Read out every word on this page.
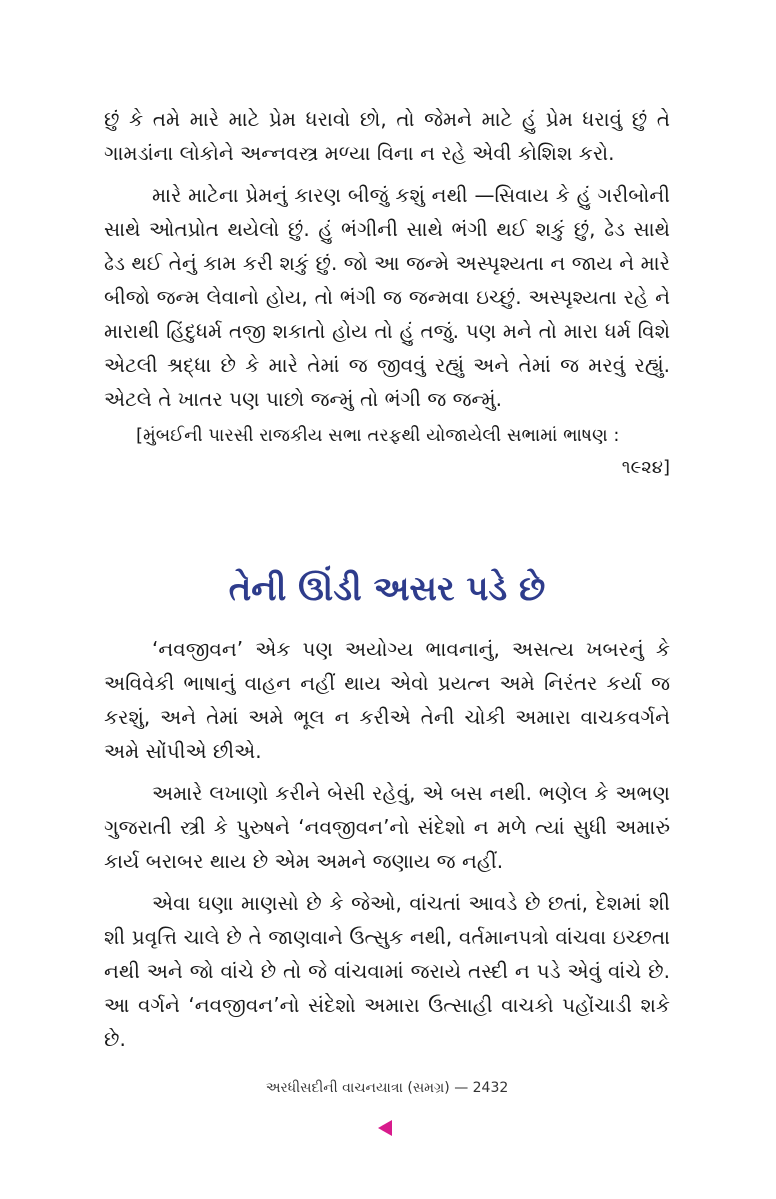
છું કે તમે મારે માટે પ્રેમ ધરાવો છો, તો જેમને માટે હું પ્રેમ ધરાવું છું તે ગામડાંના લોકોને અન્નવસ્ત્ર મળ્યા વિના ન રહે એવી કોશિશ કરો.

મારે માટેના પ્રેમનું કારણ બીજું કશું નથી —સિવાય કે હું ગરીબોની સાથે ઓતપ્રોત થયેલો છું. હું ભંગીની સાથે ભંગી થઈ શકું છું, ઢેડ સાથે ઢેડ થઈ તેનું કામ કરી શકું છું. જો આ જન્મે અસ્પૃશ્યતા ન જાય ને મારે બીજો જન્મ લેવાનો હોય, તો ભંગી જ જન્મવા ઇચ્છું. અસ્પૃશ્યતા રહે ને મારાથી હિંદુધર્મ તજી શકાતો હોય તો હું તજું. પણ મને તો મારા ધર્મ વિશે એટલી શ્રદ્ધા છે કે મારે તેમાં જ જીવવું રહ્યું અને તેમાં જ મરવું રહ્યું. એટલે તે ખાતર પણ પાછો જન્મું તો ભંગી જ જન્મું.

[મુંબઈની પારસી રાજકીય સભા તરફથી યોજાયેલી સભામાં ભાષણ :
૧૯૨૪]

તેની ઊંડી અસર પડે છે

‘નવજીવન’ એક પણ અયોગ્ય ભાવનાનું, અસત્ય ખબરનું કે અવિવેકી ભાષાનું વાહન નહીં થાય એવો પ્રયત્ન અમે નિરંતર કર્યા જ કરશું, અને તેમાં અમે ભૂલ ન કરીએ તેની ચોકી અમારા વાચકવર્ગને અમે સોંપીએ છીએ.

અમારે લખાણો કરીને બેસી રહેવું, એ બસ નથી. ભણેલ કે અભણ ગુજરાતી સ્ત્રી કે પુરુષને ‘નવજીવન’નો સંદેશો ન મળે ત્યાં સુધી અમારું કાર્ય બરાબર થાય છે એમ અમને જણાય જ નહીં.

એવા ઘણા માણસો છે કે જેઓ, વાંચતાં આવડે છે છતાં, દેશમાં શી શી પ્રવૃત્તિ ચાલે છે તે જાણવાને ઉત્સુક નથી, વર્તમાનપત્રો વાંચવા ઇચ્છતા નથી અને જો વાંચે છે તો જે વાંચવામાં જરાયે તસ્દી ન પડે એવું વાંચે છે. આ વર્ગને ‘નવજીવન’નો સંદેશો અમારા ઉત્સાહી વાચકો પહોંચાડી શકે છે.

અરધીસદીની વાચનયાત્રા (સમગ્ર) — 2432
